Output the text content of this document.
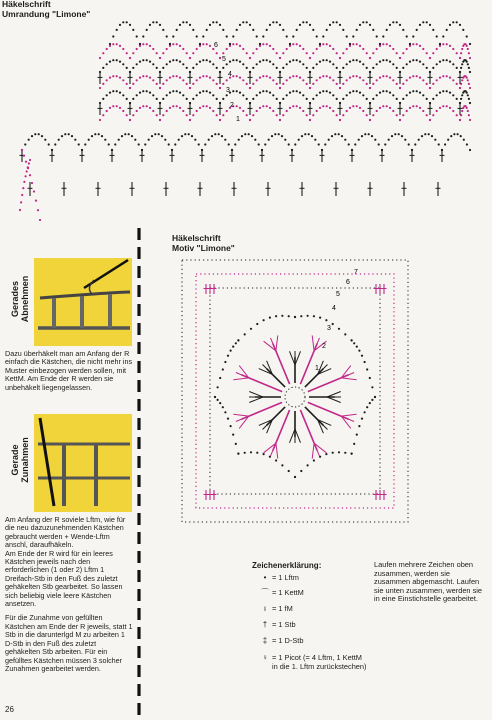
Häkelschrift
Umrandung "Limone"
6
5
4
3
2
1
Häkelschrift
Motiv "Limone"
7
6
5
4
3
2
1
Gerades Abnehmen
Dazu überhäkelt man am Anfang der R einfach die Kästchen, die nicht mehr ins Muster einbezogen werden sollen, mit KettM. Am Ende der R werden sie unbehäkelt liegengelassen.
Gerade Zunahmen
Am Anfang der R soviele Lftm, wie für die neu dazuzunehmenden Kästchen gebraucht werden + Wende-Lftm anschl, daraufhäkeln.
Am Ende der R wird für ein leeres Kästchen jeweils nach den erforderlichen (1 oder 2) Lftm 1 Dreifach-Stb in den Fuß des zuletzt gehäkelten Stb gearbeitet. So lassen sich beliebig viele leere Kästchen ansetzen.
Für die Zunahme von gefüllten Kästchen am Ende der R jeweils, statt 1 Stb in die darunterlgd M zu arbeiten 1 D-Stb in den Fuß des zuletzt gehäkelten Stb arbeiten. Für ein gefülltes Kästchen müssen 3 solcher Zunahmen gearbeitet werden.
26
Zeichenerklärung:
• = 1 Lftm
⌒ = 1 KettM
ı = 1 fM
† = 1 Stb
‡ = 1 D-Stb
♀ = 1 Picot (= 4 Lftm, 1 KettM in die 1. Lftm zurückstechen)
Laufen mehrere Zeichen oben zusammen, werden sie zusammen abgemascht. Laufen sie unten zusammen, werden sie in eine Einstichstelle gearbeitet.
